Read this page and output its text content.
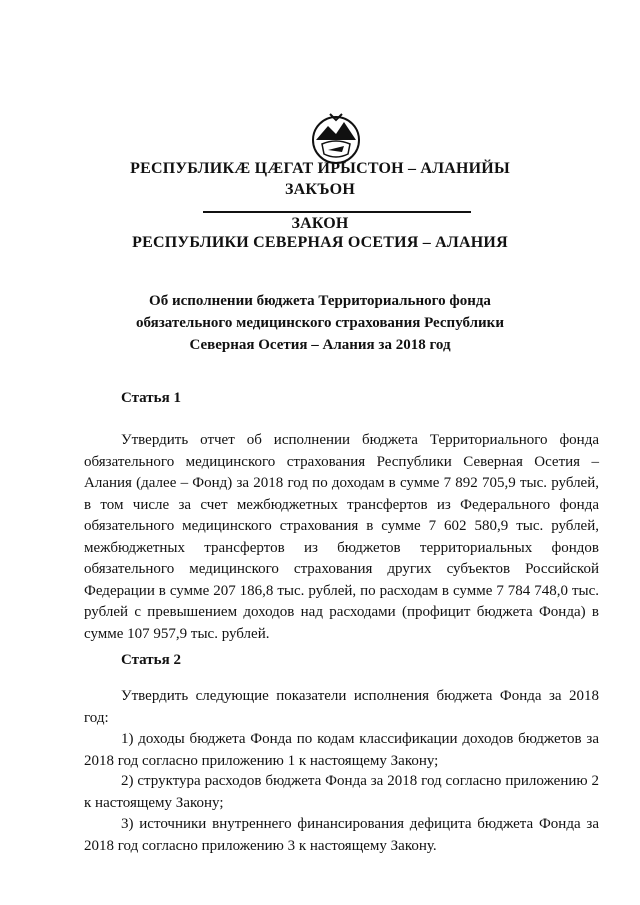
РЕСПУБЛИКÆ ЦÆГАТ ИРЫСТОН – АЛАНИЙЫ
ЗАКЪОН
ЗАКОН
РЕСПУБЛИКИ СЕВЕРНАЯ ОСЕТИЯ – АЛАНИЯ
Об исполнении бюджета Территориального фонда
обязательного медицинского страхования Республики
Северная Осетия – Алания за 2018 год
Статья 1

Утвердить отчет об исполнении бюджета Территориального фонда обязательного медицинского страхования Республики Северная Осетия – Алания (далее – Фонд) за 2018 год по доходам в сумме 7 892 705,9 тыс. рублей, в том числе за счет межбюджетных трансфертов из Федерального фонда обязательного медицинского страхования в сумме 7 602 580,9 тыс. рублей, межбюджетных трансфертов из бюджетов территориальных фондов обязательного медицинского страхования других субъектов Российской Федерации в сумме 207 186,8 тыс. рублей, по расходам в сумме 7 784 748,0 тыс. рублей с превышением доходов над расходами (профицит бюджета Фонда) в сумме 107 957,9 тыс. рублей.

Статья 2

Утвердить следующие показатели исполнения бюджета Фонда за 2018 год:

1) доходы бюджета Фонда по кодам классификации доходов бюджетов за 2018 год согласно приложению 1 к настоящему Закону;

2) структура расходов бюджета Фонда за 2018 год согласно приложению 2 к настоящему Закону;

3) источники внутреннего финансирования дефицита бюджета Фонда за 2018 год согласно приложению 3 к настоящему Закону.
